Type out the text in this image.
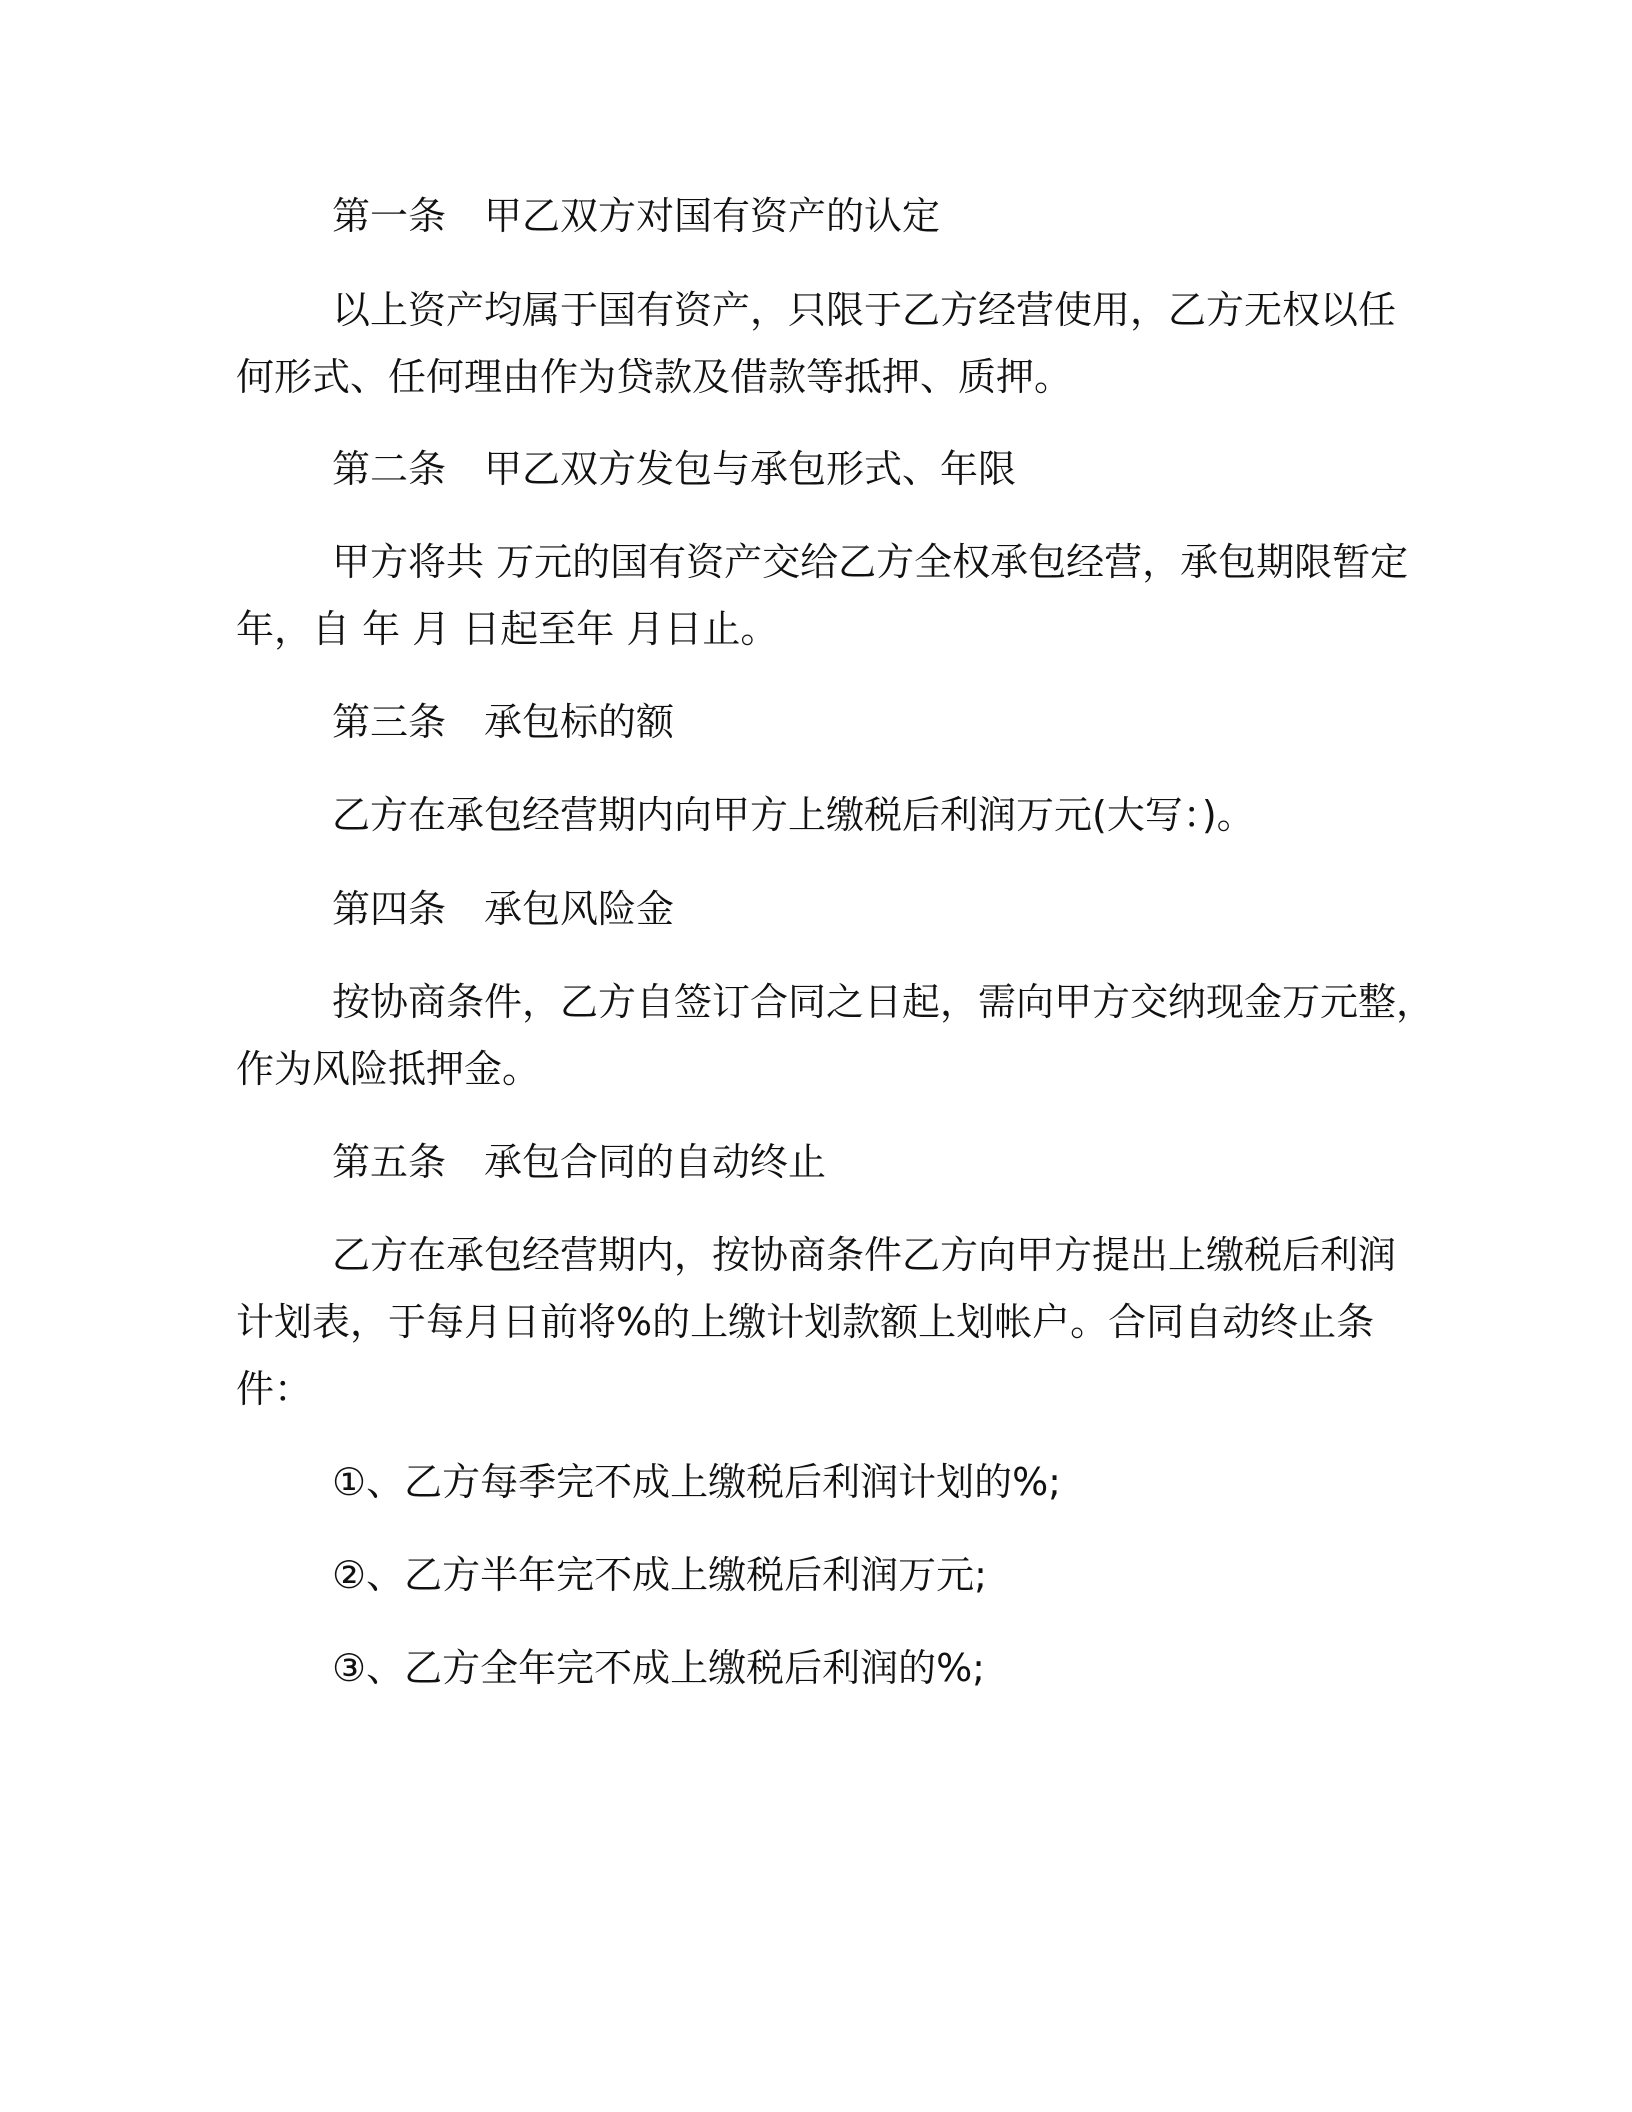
第一条 甲乙双方对国有资产的认定

以上资产均属于国有资产，只限于乙方经营使用，乙方无权以任

何形式、任何理由作为贷款及借款等抵押、质押。

第二条 甲乙双方发包与承包形式、年限

甲方将共 万元的国有资产交给乙方全权承包经营，承包期限暂定

年，自 年 月 日起至年 月日止。

第三条 承包标的额

乙方在承包经营期内向甲方上缴税后利润万元(大写：)。

第四条 承包风险金

按协商条件，乙方自签订合同之日起，需向甲方交纳现金万元整，

作为风险抵押金。

第五条 承包合同的自动终止

乙方在承包经营期内，按协商条件乙方向甲方提出上缴税后利润

计划表，于每月日前将%的上缴计划款额上划帐户。合同自动终止条

件：

①、乙方每季完不成上缴税后利润计划的%;

②、乙方半年完不成上缴税后利润万元;

③、乙方全年完不成上缴税后利润的%;
